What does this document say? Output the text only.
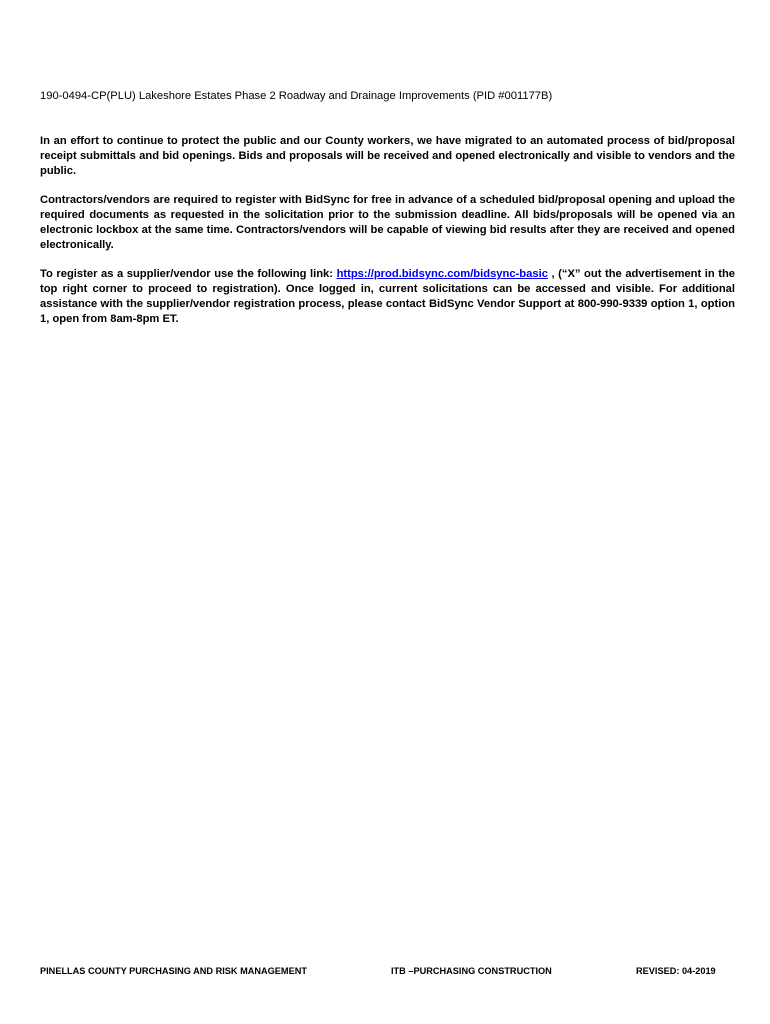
190-0494-CP(PLU) Lakeshore Estates Phase 2 Roadway and Drainage Improvements (PID #001177B)

In an effort to continue to protect the public and our County workers, we have migrated to an automated process of bid/proposal receipt submittals and bid openings. Bids and proposals will be received and opened electronically and visible to vendors and the public.

Contractors/vendors are required to register with BidSync for free in advance of a scheduled bid/proposal opening and upload the required documents as requested in the solicitation prior to the submission deadline. All bids/proposals will be opened via an electronic lockbox at the same time. Contractors/vendors will be capable of viewing bid results after they are received and opened electronically.

To register as a supplier/vendor use the following link: https://prod.bidsync.com/bidsync-basic , (“X” out the advertisement in the top right corner to proceed to registration). Once logged in, current solicitations can be accessed and visible. For additional assistance with the supplier/vendor registration process, please contact BidSync Vendor Support at 800-990-9339 option 1, option 1, open from 8am-8pm ET.

PINELLAS COUNTY PURCHASING AND RISK MANAGEMENT	ITB –PURCHASING CONSTRUCTION	REVISED: 04-2019
